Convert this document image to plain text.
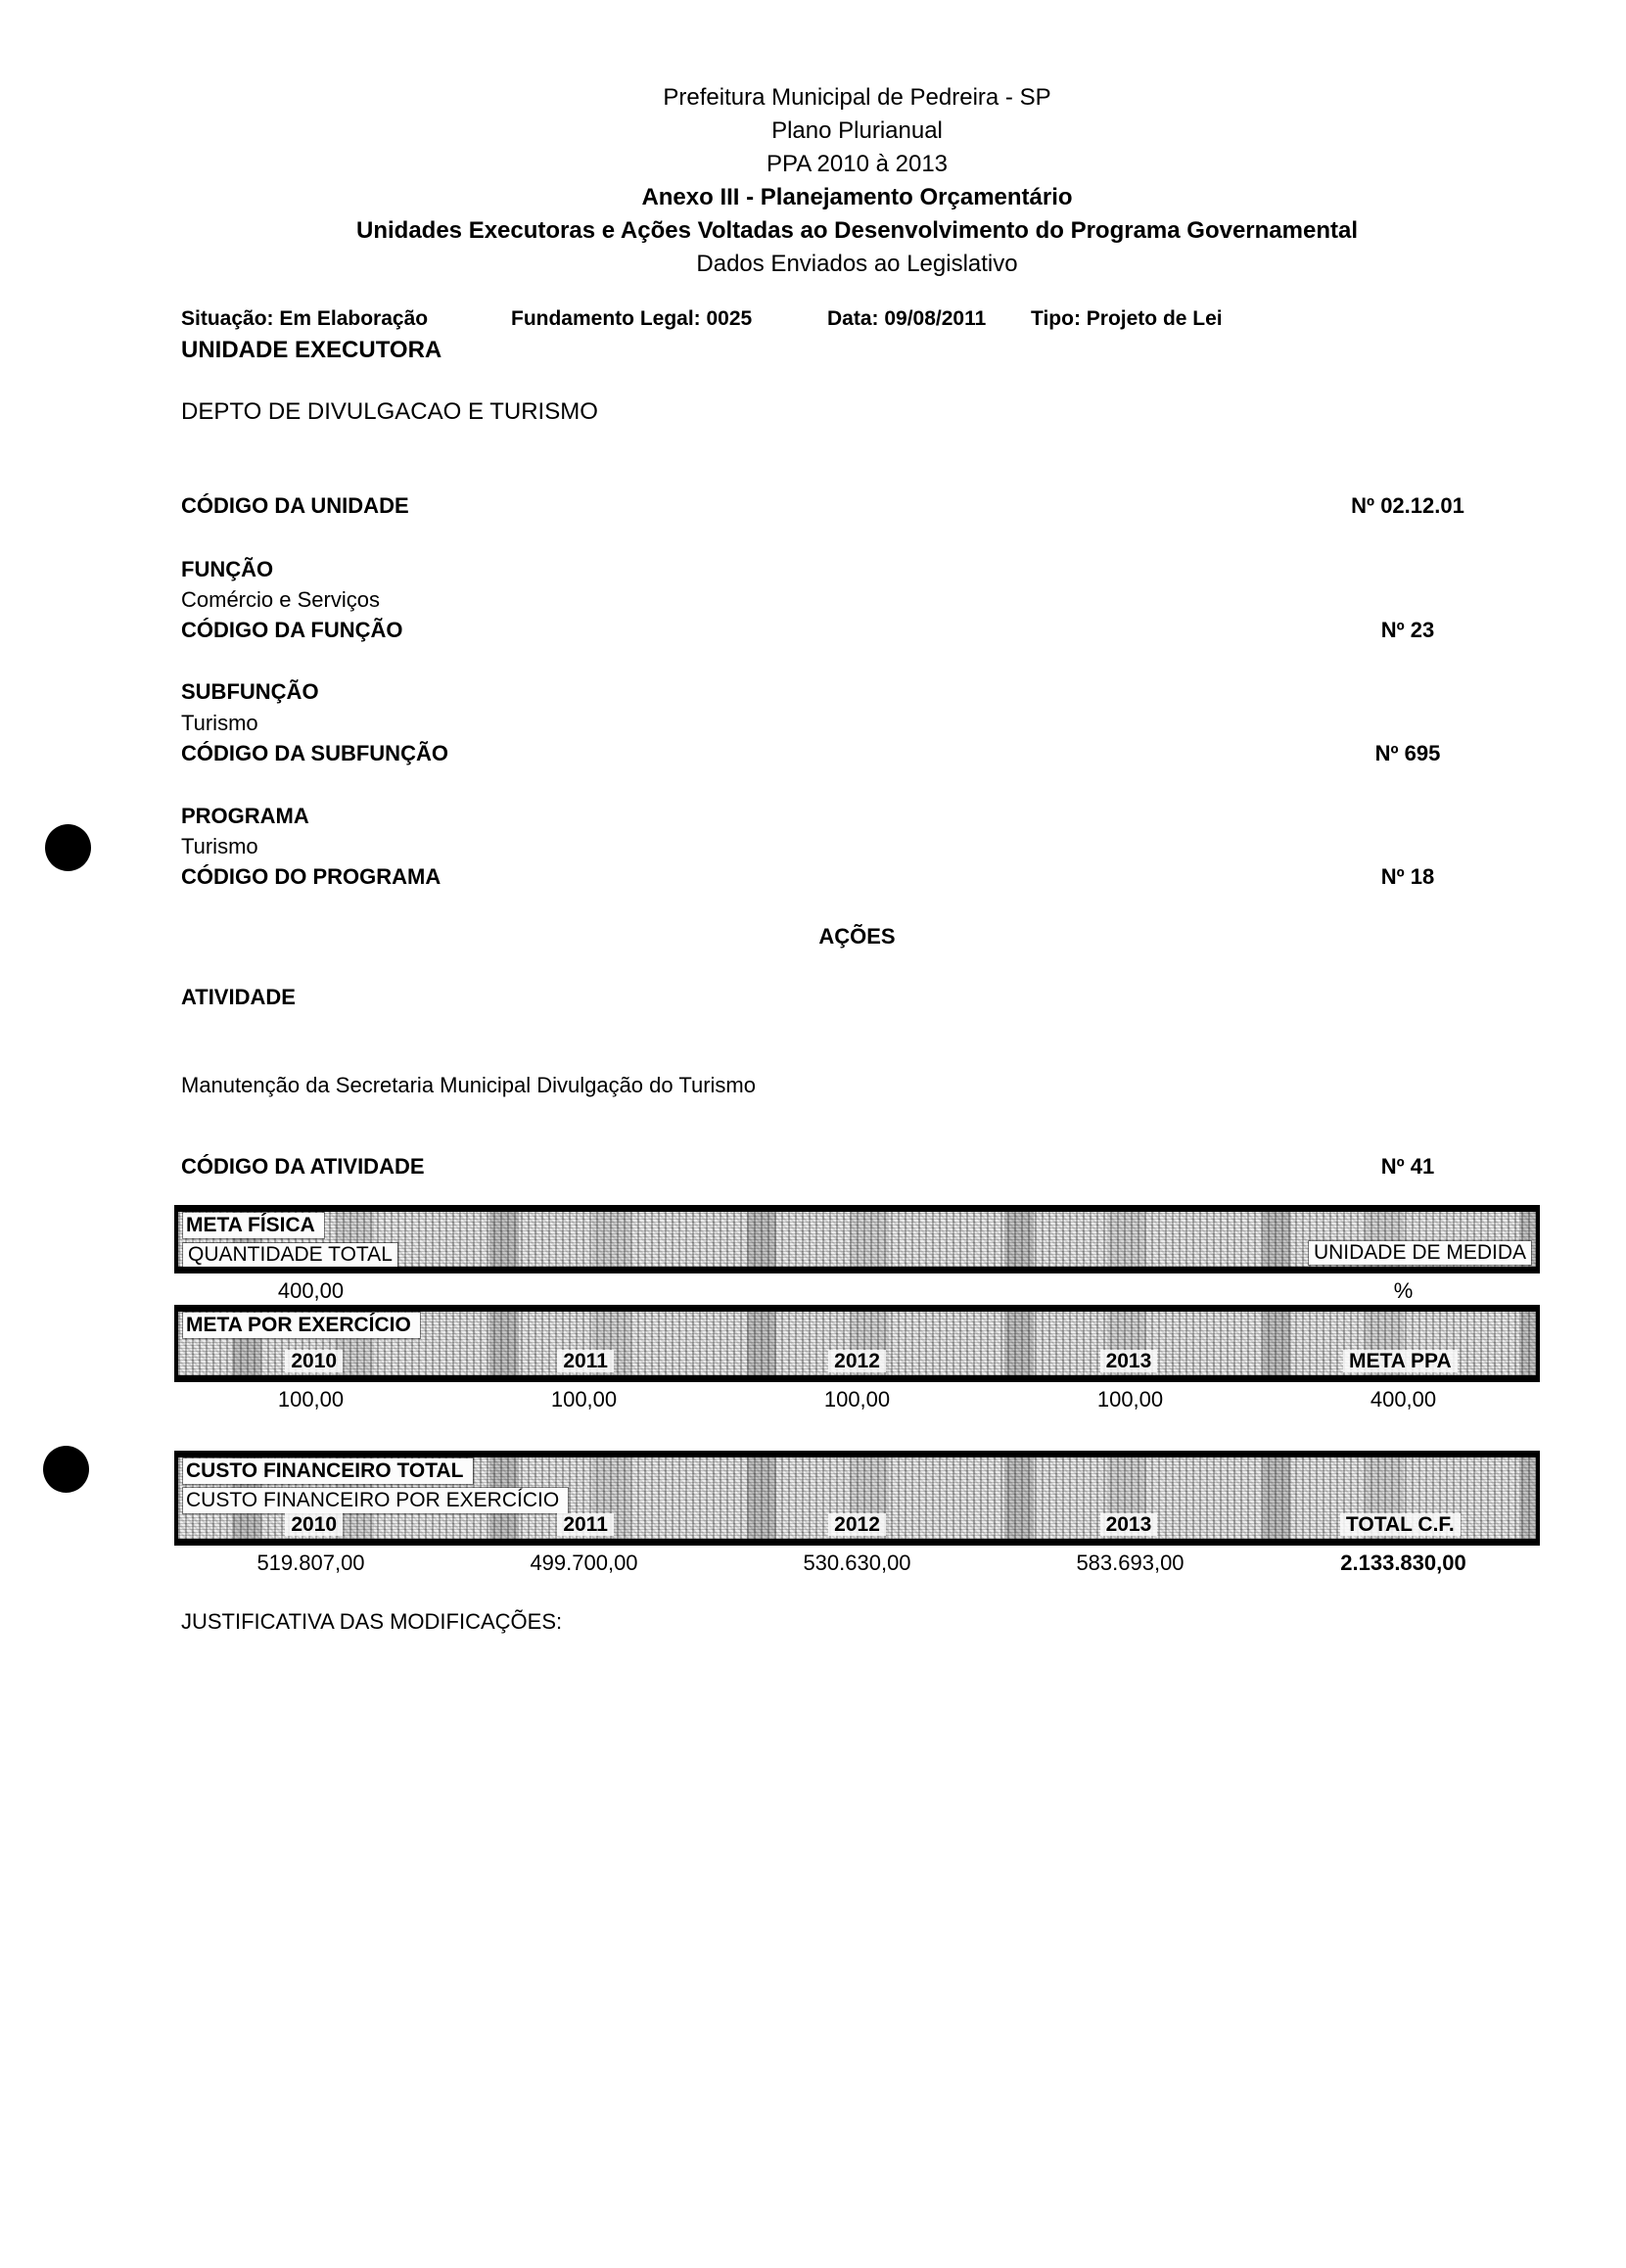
Prefeitura Municipal de Pedreira - SP
Plano Plurianual
PPA 2010 à 2013
Anexo III - Planejamento Orçamentário
Unidades Executoras e Ações Voltadas ao Desenvolvimento do Programa Governamental
Dados Enviados ao Legislativo
Situação: Em Elaboração	Fundamento Legal: 0025	Data: 09/08/2011 Tipo: Projeto de Lei
UNIDADE EXECUTORA
DEPTO DE DIVULGACAO E TURISMO
CÓDIGO DA UNIDADE	Nº 02.12.01
FUNÇÃO
Comércio e Serviços
CÓDIGO DA FUNÇÃO	Nº 23
SUBFUNÇÃO
Turismo
CÓDIGO DA SUBFUNÇÃO	Nº 695
PROGRAMA
Turismo
CÓDIGO DO PROGRAMA	Nº 18
AÇÕES
ATIVIDADE
Manutenção da Secretaria Municipal Divulgação do Turismo
CÓDIGO DA ATIVIDADE	Nº 41
META FÍSICA
QUANTIDADE TOTAL	UNIDADE DE MEDIDA
400,00	%
META POR EXERCÍCIO
2010	2011	2012	2013	META PPA
100,00	100,00	100,00	100,00	400,00
CUSTO FINANCEIRO TOTAL
CUSTO FINANCEIRO POR EXERCÍCIO
2010	2011	2012	2013	TOTAL C.F.
519.807,00	499.700,00	530.630,00	583.693,00	2.133.830,00
JUSTIFICATIVA DAS MODIFICAÇÕES:
